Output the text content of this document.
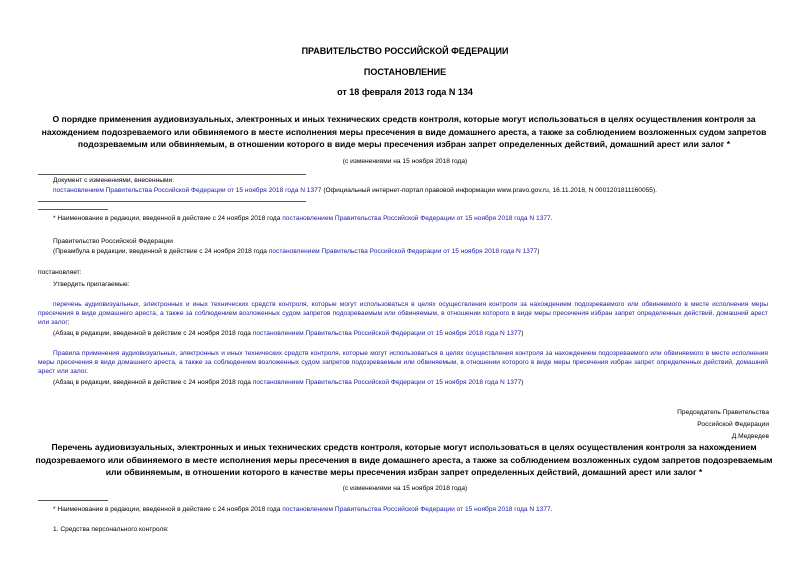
ПРАВИТЕЛЬСТВО РОССИЙСКОЙ ФЕДЕРАЦИИ
ПОСТАНОВЛЕНИЕ
от 18 февраля 2013 года N 134
О порядке применения аудиовизуальных, электронных и иных технических средств контроля, которые могут использоваться в целях осуществления контроля за нахождением подозреваемого или обвиняемого в месте исполнения меры пресечения в виде домашнего ареста, а также за соблюдением возложенных судом запретов подозреваемым или обвиняемым, в отношении которого в виде меры пресечения избран запрет определенных действий, домашний арест или залог *
(с изменениями на 15 ноября 2018 года)
Документ с изменениями, внесенными:
постановлением Правительства Российской Федерации от 15 ноября 2018 года N 1377 (Официальный интернет-портал правовой информации www.pravo.gov.ru, 16.11.2018, N 0001201811160055).
* Наименование в редакции, введенной в действие с 24 ноября 2018 года постановлением Правительства Российской Федерации от 15 ноября 2018 года N 1377.
Правительство Российской Федерации
(Преамбула в редакции, введенной в действие с 24 ноября 2018 года постановлением Правительства Российской Федерации от 15 ноября 2018 года N 1377)
постановляет:
Утвердить прилагаемые:
перечень аудиовизуальных, электронных и иных технических средств контроля, которые могут использоваться в целях осуществления контроля за нахождением подозреваемого или обвиняемого в месте исполнения меры пресечения в виде домашнего ареста, а также за соблюдением возложенных судом запретов подозреваемым или обвиняемым, в отношении которого в виде меры пресечения избран запрет определенных действий, домашний арест или залог;
(Абзац в редакции, введенной в действие с 24 ноября 2018 года постановлением Правительства Российской Федерации от 15 ноября 2018 года N 1377)
Правила применения аудиовизуальных, электронных и иных технических средств контроля, которые могут использоваться в целях осуществления контроля за нахождением подозреваемого или обвиняемого в месте исполнения меры пресечения в виде домашнего ареста, а также за соблюдением возложенных судом запретов подозреваемым или обвиняемым, в отношении которого в виде меры пресечения избран запрет определенных действий, домашний арест или залог.
(Абзац в редакции, введенной в действие с 24 ноября 2018 года постановлением Правительства Российской Федерации от 15 ноября 2018 года N 1377)
Председатель Правительства
Российской Федерации
Д.Медведев
Перечень аудиовизуальных, электронных и иных технических средств контроля, которые могут использоваться в целях осуществления контроля за нахождением подозреваемого или обвиняемого в месте исполнения меры пресечения в виде домашнего ареста, а также за соблюдением возложенных судом запретов подозреваемым или обвиняемым, в отношении которого в качестве меры пресечения избран запрет определенных действий, домашний арест или залог *
(с изменениями на 15 ноября 2018 года)
* Наименование в редакции, введенной в действие с 24 ноября 2018 года постановлением Правительства Российской Федерации от 15 ноября 2018 года N 1377.
1. Средства персонального контроля:
